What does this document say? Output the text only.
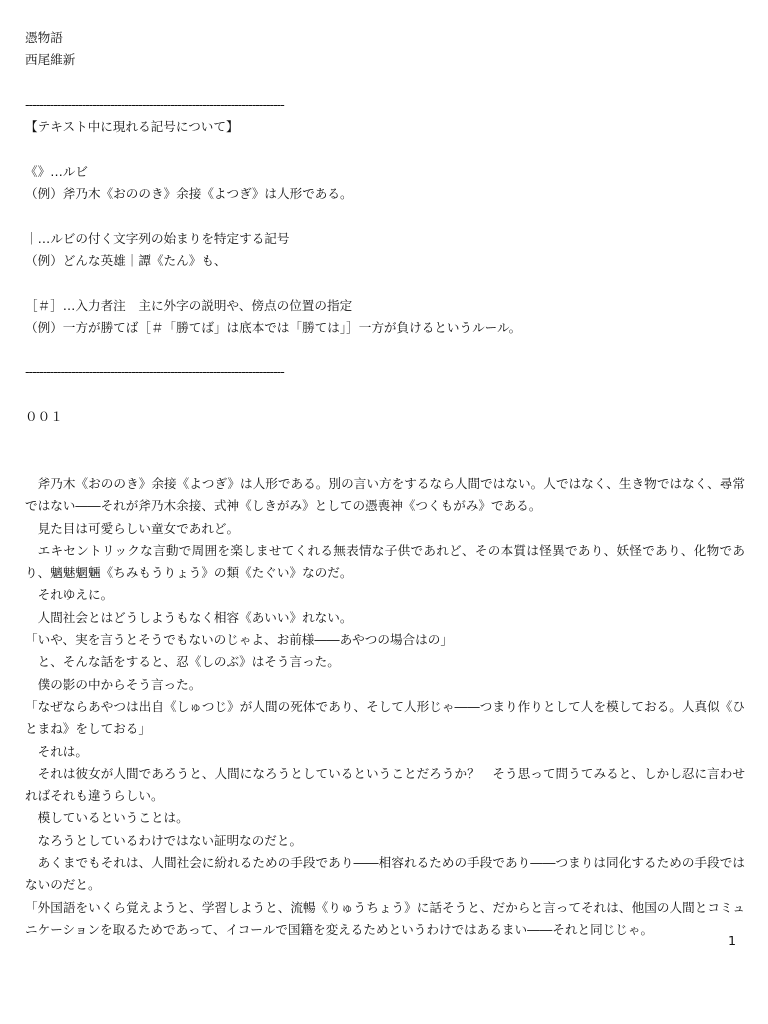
憑物語
西尾維新
-------------------------------------------------------------------------
【テキスト中に現れる記号について】
《》…ルビ
（例）斧乃木《おののき》余接《よつぎ》は人形である。
｜…ルビの付く文字列の始まりを特定する記号
（例）どんな英雄｜譚《たん》も、
［＃］…入力者注　主に外字の説明や、傍点の位置の指定
（例）一方が勝てば［＃「勝てば」は底本では「勝ては」］一方が負けるというルール。
-------------------------------------------------------------------------
００１
斧乃木《おののき》余接《よつぎ》は人形である。別の言い方をするなら人間ではない。人ではなく、生き物ではなく、尋常ではない――それが斧乃木余接、式神《しきがみ》としての憑喪神《つくもがみ》である。
見た目は可愛らしい童女であれど。
エキセントリックな言動で周囲を楽しませてくれる無表情な子供であれど、その本質は怪異であり、妖怪であり、化物であり、魑魅魍魎《ちみもうりょう》の類《たぐい》なのだ。
それゆえに。
人間社会とはどうしようもなく相容《あいい》れない。
「いや、実を言うとそうでもないのじゃよ、お前様――あやつの場合はの」
と、そんな話をすると、忍《しのぶ》はそう言った。
僕の影の中からそう言った。
「なぜならあやつは出自《しゅつじ》が人間の死体であり、そして人形じゃ――つまり作りとして人を模しておる。人真似《ひとまね》をしておる」
それは。
それは彼女が人間であろうと、人間になろうとしているということだろうか？　そう思って問うてみると、しかし忍に言わせればそれも違うらしい。
模しているということは。
なろうとしているわけではない証明なのだと。
あくまでもそれは、人間社会に紛れるための手段であり――相容れるための手段であり――つまりは同化するための手段ではないのだと。
「外国語をいくら覚えようと、学習しようと、流暢《りゅうちょう》に話そうと、だからと言ってそれは、他国の人間とコミュニケーションを取るためであって、イコールで国籍を変えるためというわけではあるまい――それと同じじゃ。
1
